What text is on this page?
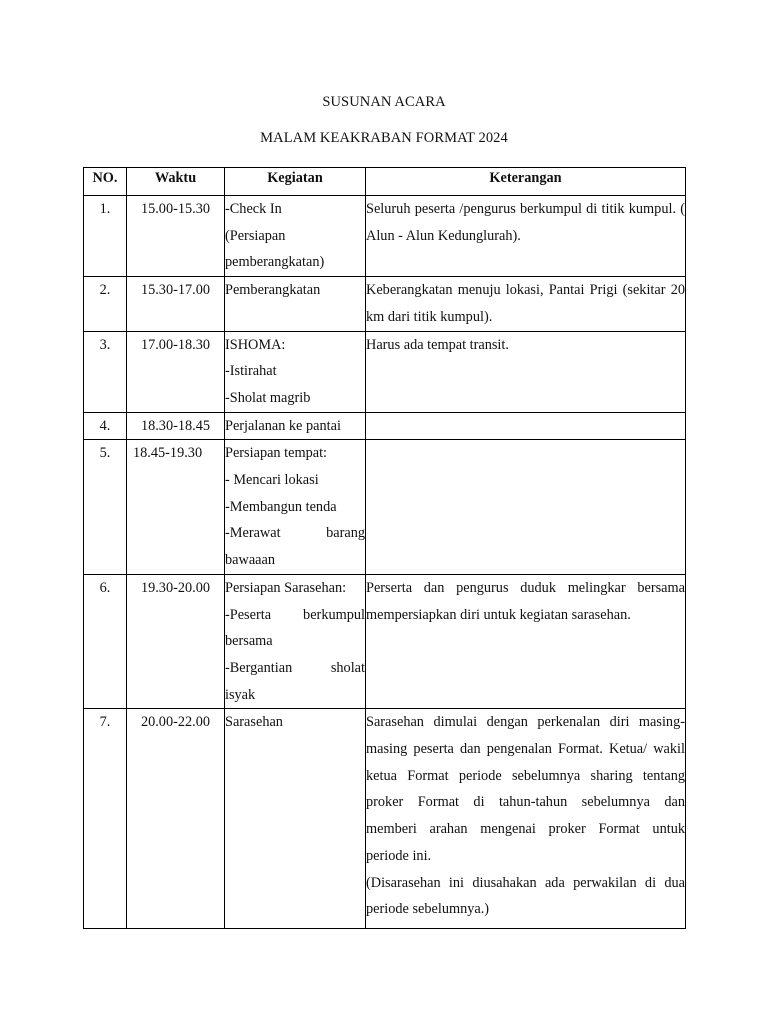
SUSUNAN ACARA
MALAM KEAKRABAN FORMAT 2024
NO.	Waktu	Kegiatan	Keterangan
1.	15.00-15.30	-Check In
(Persiapan
pemberangkatan)	Seluruh peserta /pengurus berkumpul di titik kumpul. ( Alun - Alun Kedunglurah).
2.	15.30-17.00	Pemberangkatan	Keberangkatan menuju lokasi, Pantai Prigi (sekitar 20 km dari titik kumpul).
3.	17.00-18.30	ISHOMA:
-Istirahat
-Sholat magrib	Harus ada tempat transit.
4.	18.30-18.45	Perjalanan ke pantai	

5.	18.45-19.30	Persiapan tempat:
- Mencari lokasi
-Membangun tenda
-Merawat barang
bawaaan	

6.	19.30-20.00	Persiapan Sarasehan:
-Peserta berkumpul
bersama
-Bergantian sholat
isyak	Perserta dan pengurus duduk melingkar bersama mempersiapkan diri untuk kegiatan sarasehan.
7.	20.00-22.00	Sarasehan	Sarasehan dimulai dengan perkenalan diri masing-masing peserta dan pengenalan Format. Ketua/ wakil ketua Format periode sebelumnya sharing tentang proker Format di tahun-tahun sebelumnya dan memberi arahan mengenai proker Format untuk periode ini.
(Disarasehan ini diusahakan ada perwakilan di dua periode sebelumnya.)
